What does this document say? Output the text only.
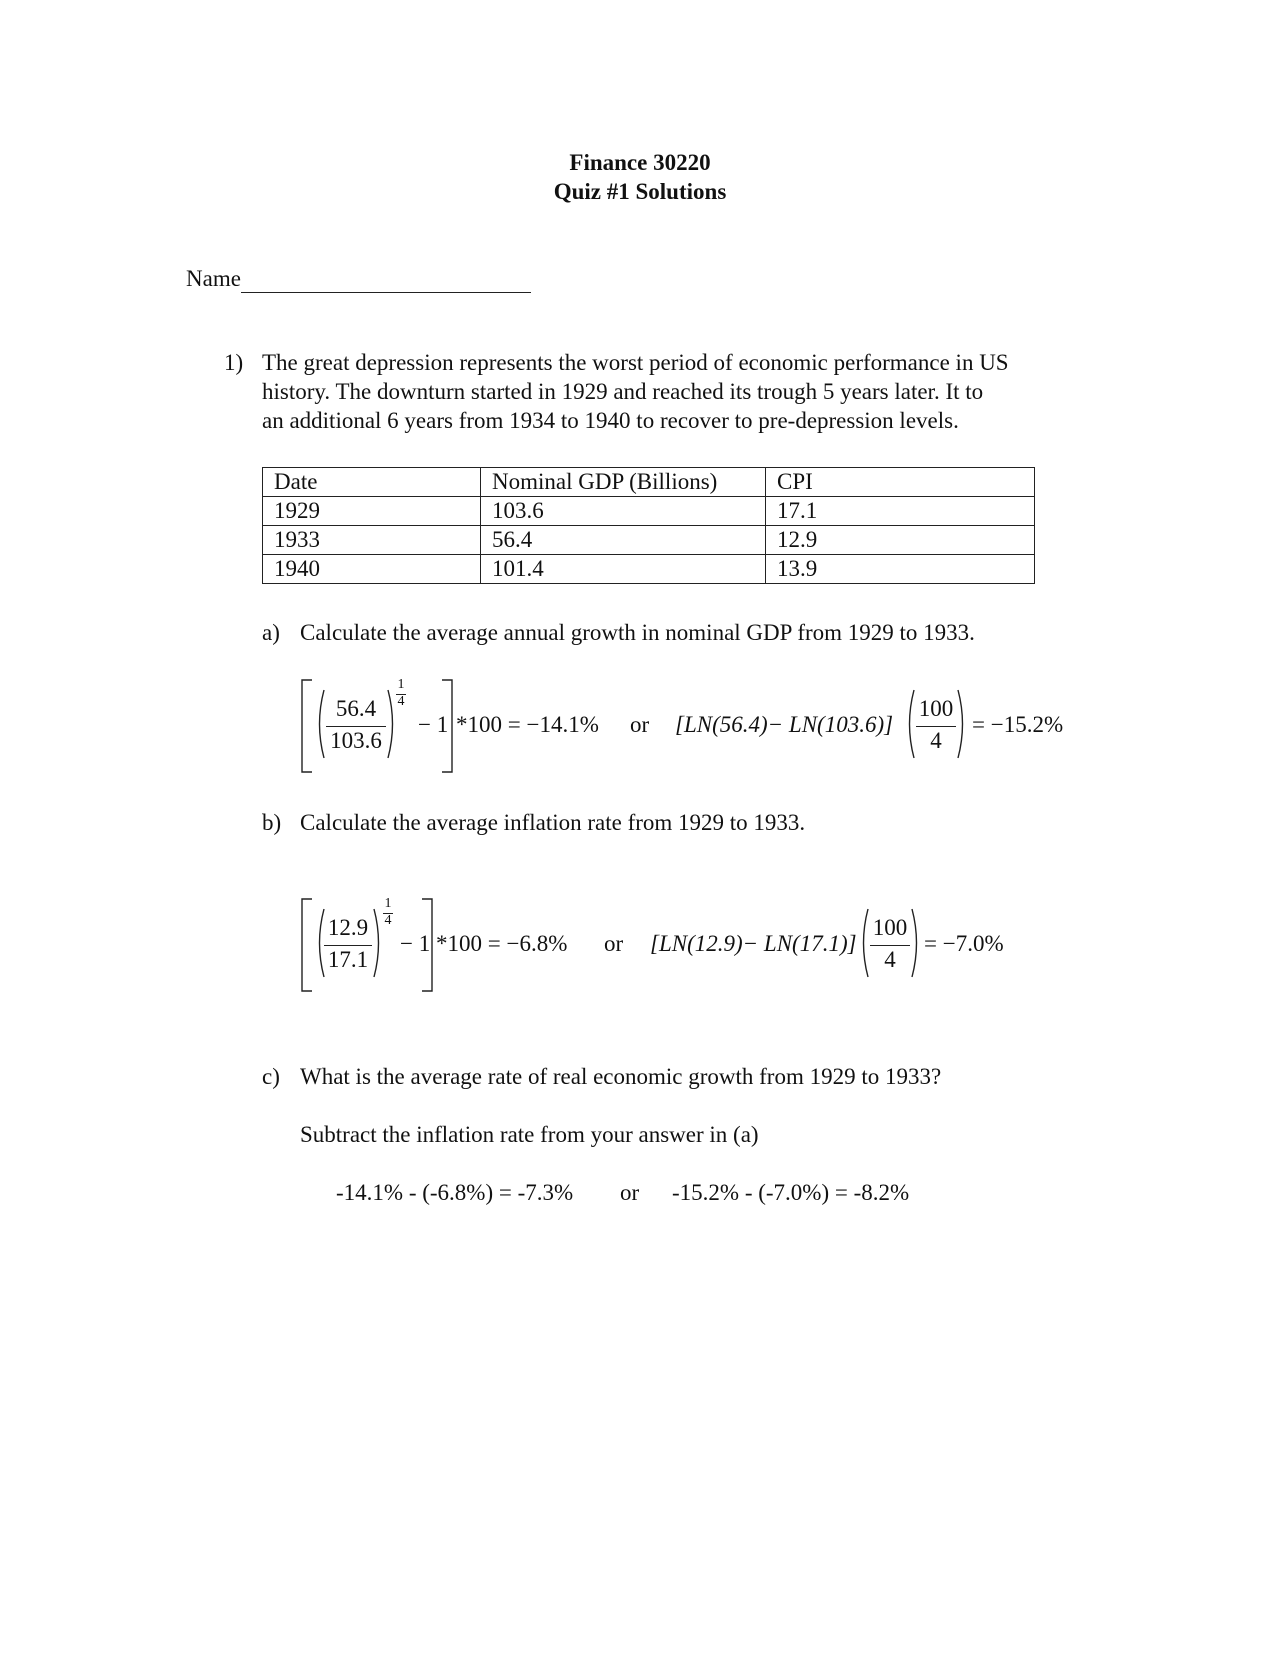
Finance 30220
Quiz #1 Solutions
Name
1) The great depression represents the worst period of economic performance in US
history. The downturn started in 1929 and reached its trough 5 years later. It to
an additional 6 years from 1934 to 1940 to recover to pre-depression levels.
Date	Nominal GDP (Billions)	CPI
1929	103.6	17.1
1933	56.4	12.9
1940	101.4	13.9
a) Calculate the average annual growth in nominal GDP from 1929 to 1933.
56.4
103.6
1
4
− 1 *100 = −14.1% or [LN(56.4)− LN(103.6)]
100
4
= −15.2%
b) Calculate the average inflation rate from 1929 to 1933.
12.9
17.1
1
4
− 1 *100 = −6.8% or [LN(12.9)− LN(17.1)]
100
4
= −7.0%
c) What is the average rate of real economic growth from 1929 to 1933?
Subtract the inflation rate from your answer in (a)
-14.1% - (-6.8%) = -7.3% or -15.2% - (-7.0%) = -8.2%
